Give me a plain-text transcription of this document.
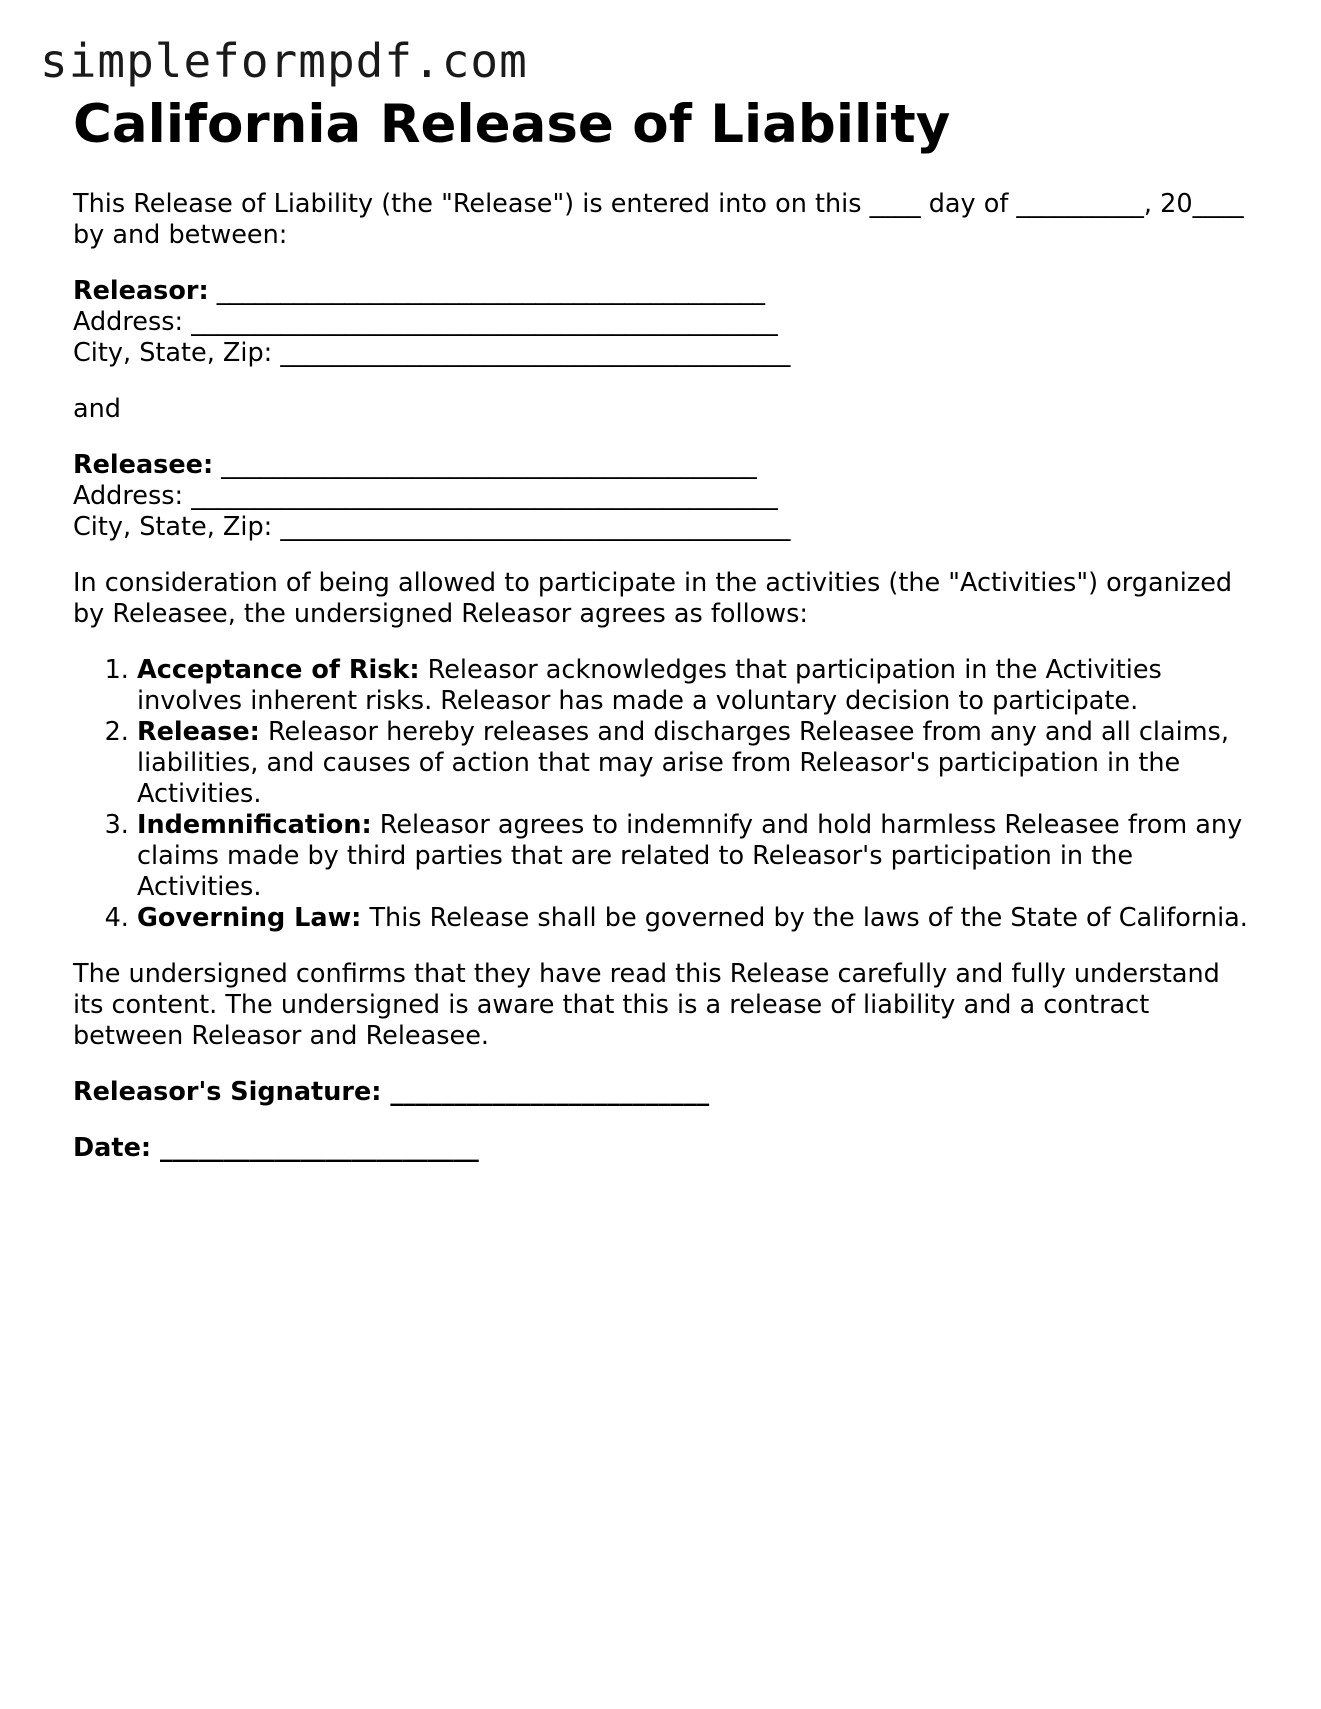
simpleformpdf.com
California Release of Liability

This Release of Liability (the "Release") is entered into on this ____ day of __________, 20____ by and between:

Releasor: ___________________________________________
Address: ______________________________________________
City, State, Zip: ________________________________________

and

Releasee: __________________________________________
Address: ______________________________________________
City, State, Zip: ________________________________________

In consideration of being allowed to participate in the activities (the "Activities") organized by Releasee, the undersigned Releasor agrees as follows:

1. Acceptance of Risk: Releasor acknowledges that participation in the Activities involves inherent risks. Releasor has made a voluntary decision to participate.
2. Release: Releasor hereby releases and discharges Releasee from any and all claims, liabilities, and causes of action that may arise from Releasor's participation in the Activities.
3. Indemnification: Releasor agrees to indemnify and hold harmless Releasee from any claims made by third parties that are related to Releasor's participation in the Activities.
4. Governing Law: This Release shall be governed by the laws of the State of California.

The undersigned confirms that they have read this Release carefully and fully understand its content. The undersigned is aware that this is a release of liability and a contract between Releasor and Releasee.

Releasor's Signature: _________________________

Date: _________________________
